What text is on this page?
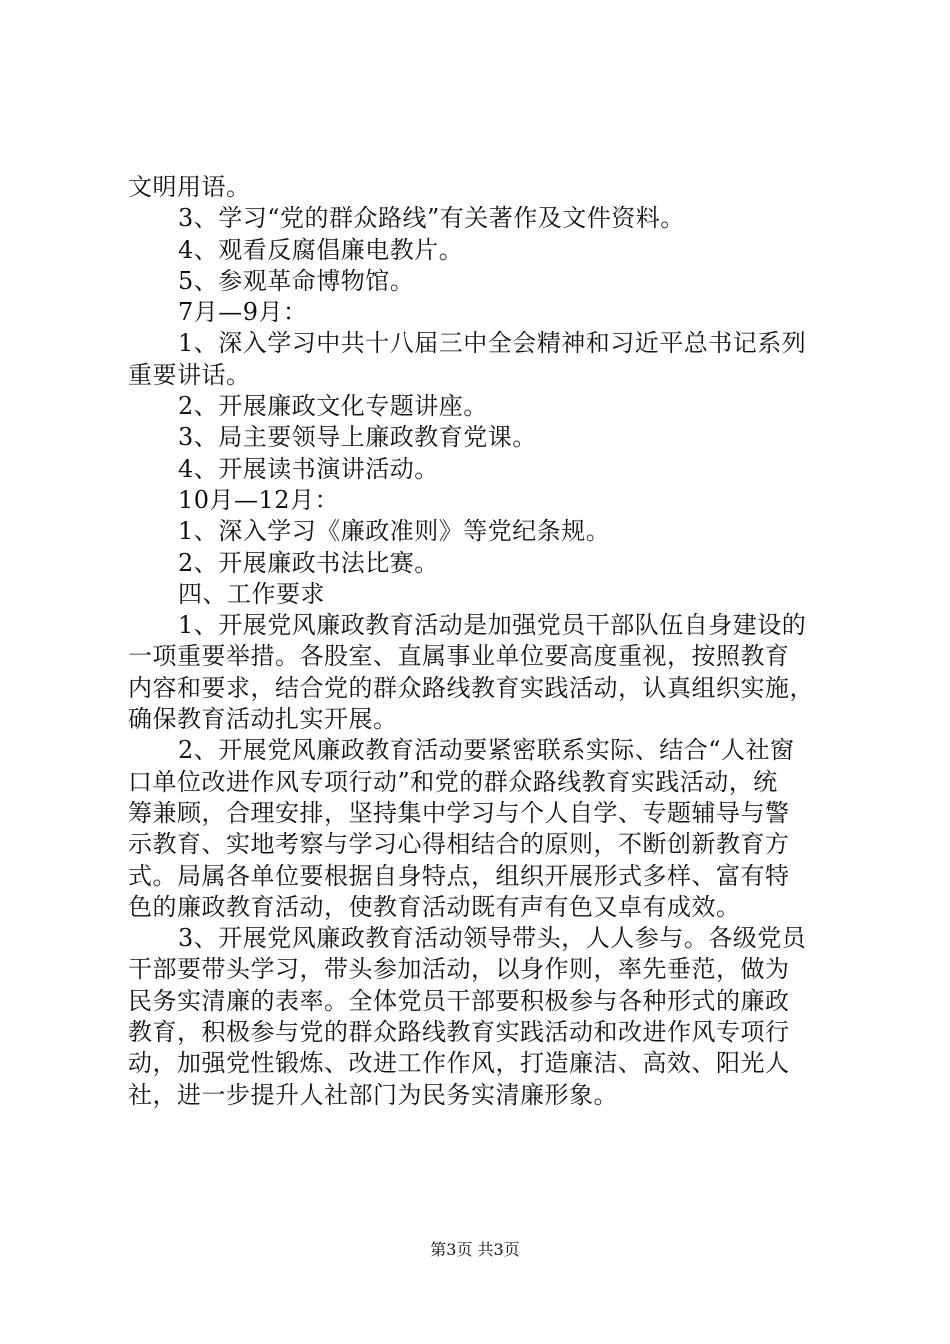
文明用语。
3、学习“党的群众路线”有关著作及文件资料。
4、观看反腐倡廉电教片。
5、参观革命博物馆。
7月—9月：
1、深入学习中共十八届三中全会精神和习近平总书记系列
重要讲话。
2、开展廉政文化专题讲座。
3、局主要领导上廉政教育党课。
4、开展读书演讲活动。
10月—12月：
1、深入学习《廉政准则》等党纪条规。
2、开展廉政书法比赛。
四、工作要求
1、开展党风廉政教育活动是加强党员干部队伍自身建设的
一项重要举措。各股室、直属事业单位要高度重视，按照教育
内容和要求，结合党的群众路线教育实践活动，认真组织实施，
确保教育活动扎实开展。
2、开展党风廉政教育活动要紧密联系实际、结合“人社窗
口单位改进作风专项行动”和党的群众路线教育实践活动，统
筹兼顾，合理安排，坚持集中学习与个人自学、专题辅导与警
示教育、实地考察与学习心得相结合的原则，不断创新教育方
式。局属各单位要根据自身特点，组织开展形式多样、富有特
色的廉政教育活动，使教育活动既有声有色又卓有成效。
3、开展党风廉政教育活动领导带头，人人参与。各级党员
干部要带头学习，带头参加活动，以身作则，率先垂范，做为
民务实清廉的表率。全体党员干部要积极参与各种形式的廉政
教育，积极参与党的群众路线教育实践活动和改进作风专项行
动，加强党性锻炼、改进工作作风，打造廉洁、高效、阳光人
社，进一步提升人社部门为民务实清廉形象。
第3页 共3页
